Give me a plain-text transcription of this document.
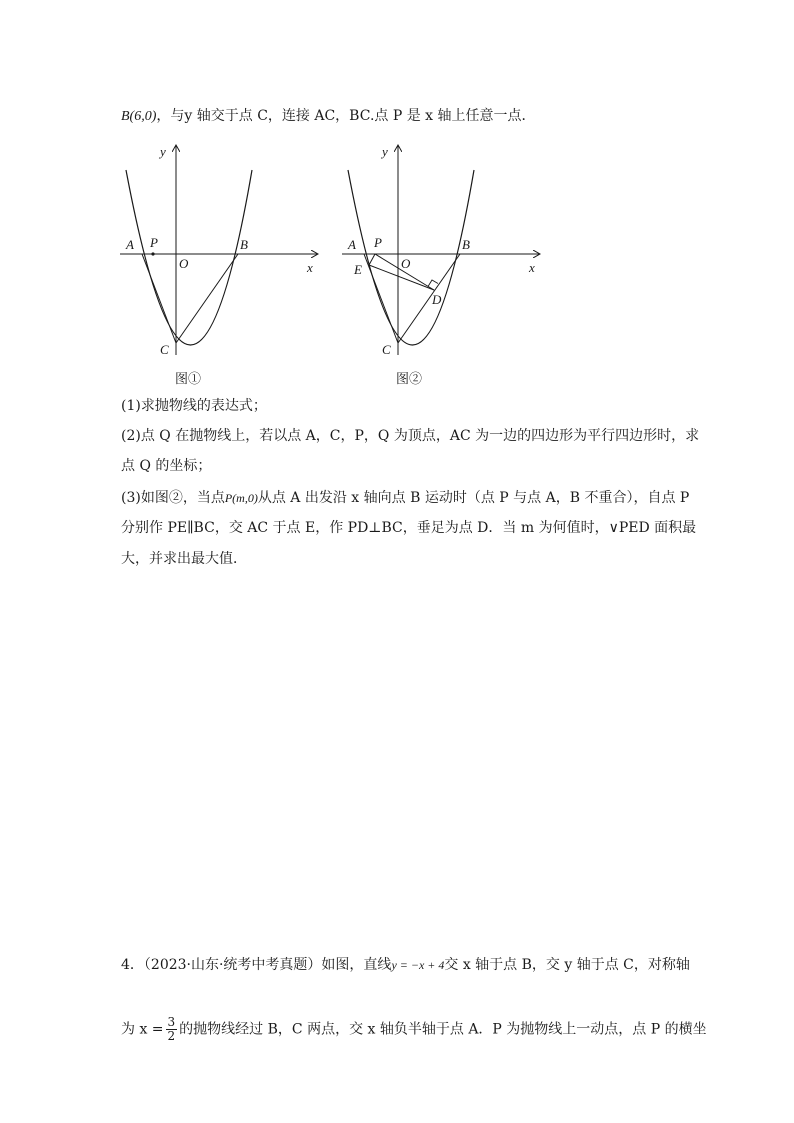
B(6,0)，与y 轴交于点 C，连接 AC，BC.点 P 是 x 轴上任意一点．
y
x
A P	B
O
C
图①
y
x
A P	B
O
E
D
C
图②
(1)求抛物线的表达式；
(2)点 Q 在抛物线上，若以点 A，C，P，Q 为顶点，AC 为一边的四边形为平行四边形时，求
点 Q 的坐标；
(3)如图②，当点P(m,0)从点 A 出发沿 x 轴向点 B 运动时（点 P 与点 A，B 不重合），自点 P
分别作 PE∥BC，交 AC 于点 E，作 PD⊥BC，垂足为点 D．当 m 为何值时，∨PED 面积最
大，并求出最大值．
4．（2023·山东·统考中考真题）如图，直线y = −x + 4交 x 轴于点 B，交 y 轴于点 C，对称轴
为 $x = \frac{3}{2}$ 的抛物线经过 B，C 两点，交 x 轴负半轴于点 A．P 为抛物线上一动点，点 P 的横坐
